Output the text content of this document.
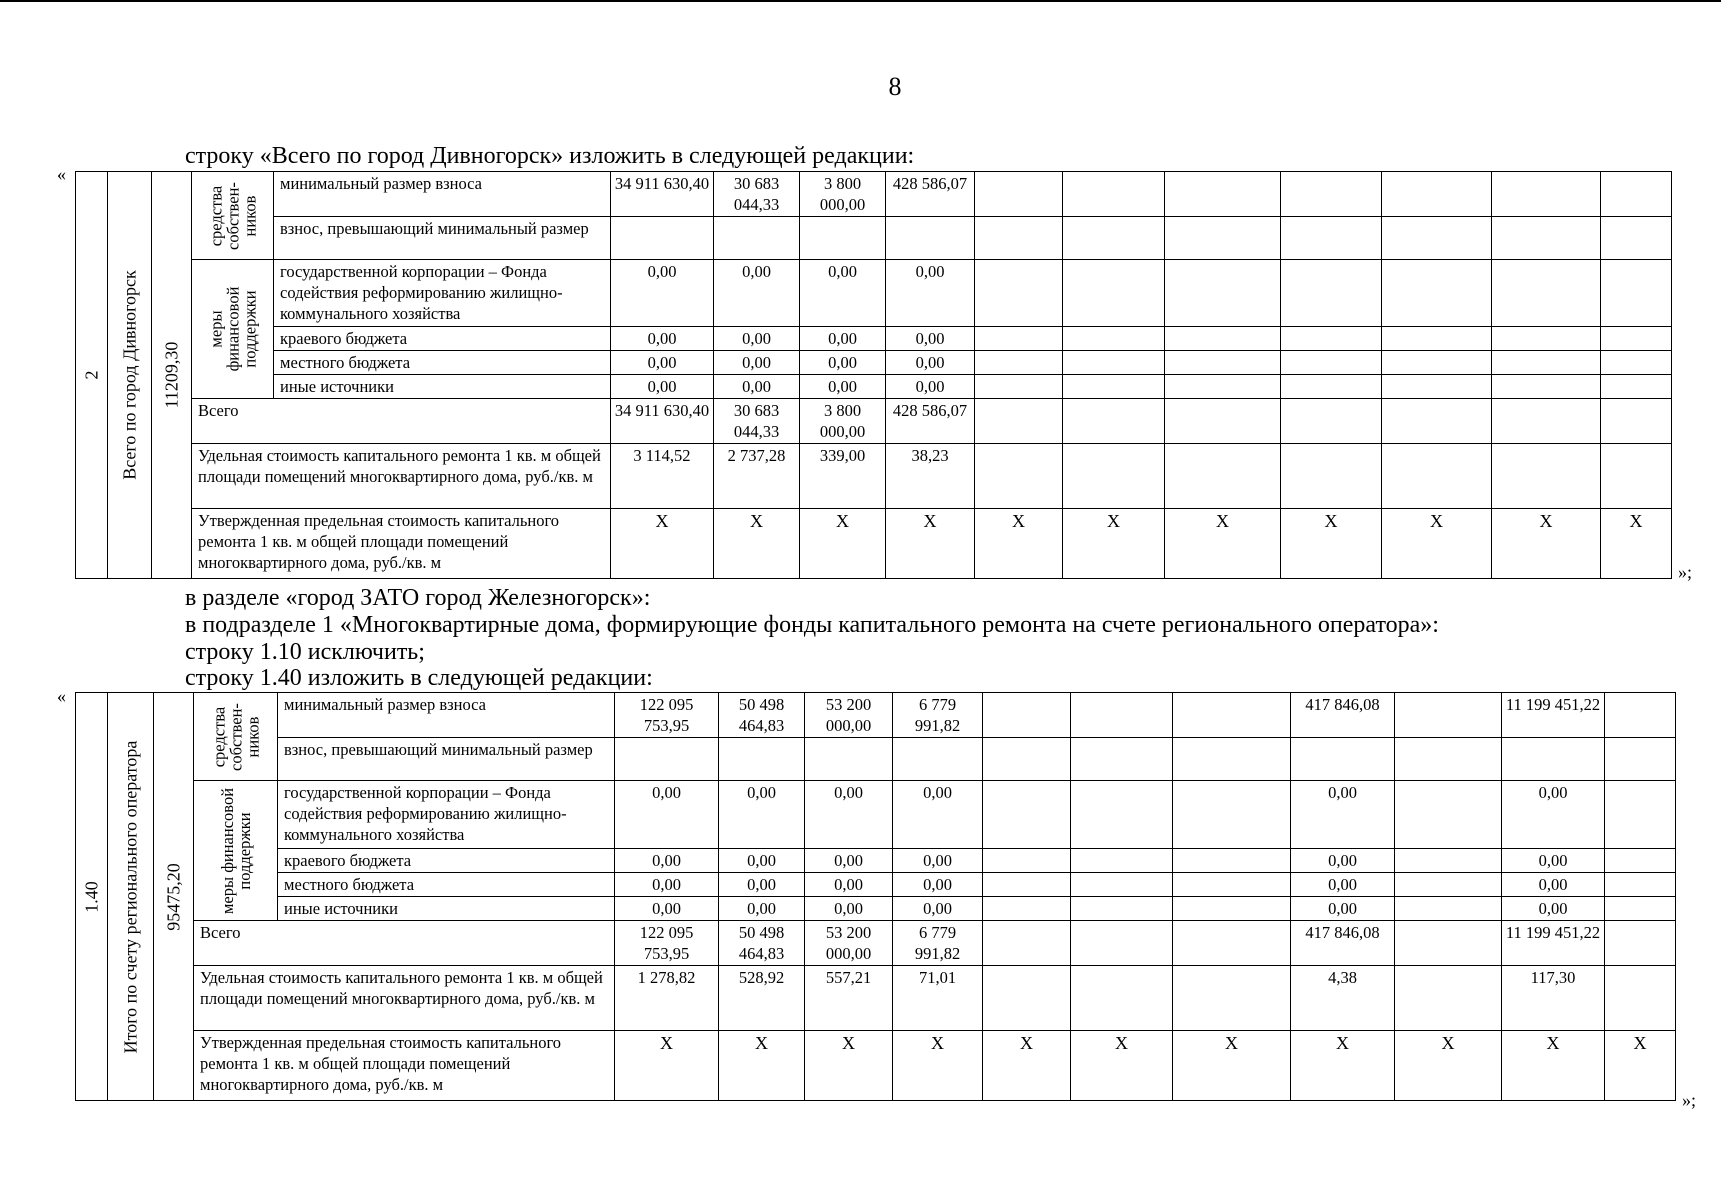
8
строку «Всего по город Дивногорск» изложить в следующей редакции:
«
2	Всего по город Дивногорск	11209,30	средства собствен-ников	минимальный размер взноса	34 911 630,40	30 683 044,33	3 800 000,00	428 586,07							
				взнос, превышающий минимальный размер											

			меры финансовой поддержки	государственной корпорации – Фонда содействия реформированию жилищно-коммунального хозяйства	0,00	0,00	0,00	0,00							
				краевого бюджета	0,00	0,00	0,00	0,00							
				местного бюджета	0,00	0,00	0,00	0,00							
				иные источники	0,00	0,00	0,00	0,00							
			Всего		34 911 630,40	30 683 044,33	3 800 000,00	428 586,07							
			Удельная стоимость капитального ремонта 1 кв. м общей площади помещений многоквартирного дома, руб./кв. м		3 114,52	2 737,28	339,00	38,23							
			Утвержденная предельная стоимость капитального ремонта 1 кв. м общей площади помещений многоквартирного дома, руб./кв. м		X	X	X	X	X	X	X	X	X	X	X
»;
в разделе «город ЗАТО город Железногорск»:
в подразделе 1 «Многоквартирные дома, формирующие фонды капитального ремонта на счете регионального оператора»:
строку 1.10 исключить;
строку 1.40 изложить в следующей редакции:
«
1.40	Итого по счету регионального оператора	95475,20	средства собствен-ников	минимальный размер взноса	122 095 753,95	50 498 464,83	53 200 000,00	6 779 991,82				417 846,08		11 199 451,22	
				взнос, превышающий минимальный размер											

			меры финансовой поддержки	государственной корпорации – Фонда содействия реформированию жилищно-коммунального хозяйства	0,00	0,00	0,00	0,00				0,00		0,00	
				краевого бюджета	0,00	0,00	0,00	0,00				0,00		0,00	
				местного бюджета	0,00	0,00	0,00	0,00				0,00		0,00	
				иные источники	0,00	0,00	0,00	0,00				0,00		0,00	
			Всего		122 095 753,95	50 498 464,83	53 200 000,00	6 779 991,82				417 846,08		11 199 451,22	
			Удельная стоимость капитального ремонта 1 кв. м общей площади помещений многоквартирного дома, руб./кв. м		1 278,82	528,92	557,21	71,01				4,38		117,30	
			Утвержденная предельная стоимость капитального ремонта 1 кв. м общей площади помещений многоквартирного дома, руб./кв. м		X	X	X	X	X	X	X	X	X	X	X
»;
